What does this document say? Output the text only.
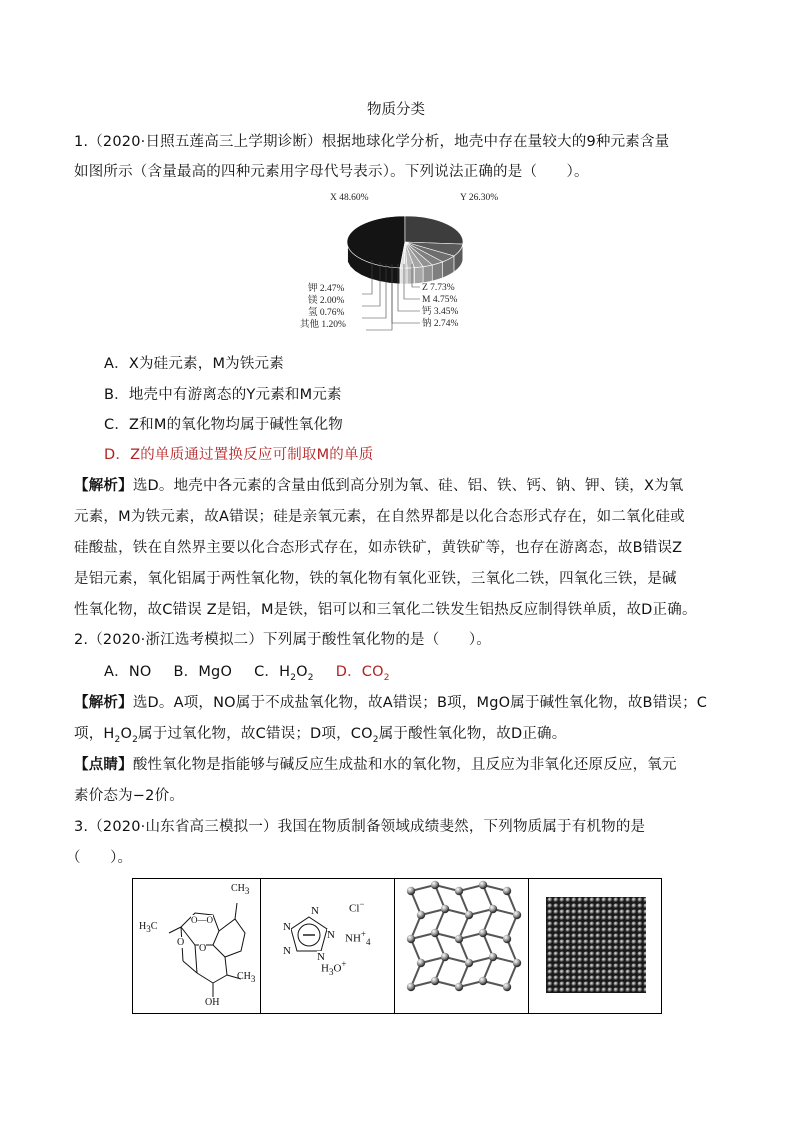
物质分类
1.（2020·日照五莲高三上学期诊断）根据地球化学分析，地壳中存在量较大的9种元素含量
如图所示（含量最高的四种元素用字母代号表示）。下列说法正确的是（　　）。
X 48.60%	Y 26.30%
Z 7.73%
M 4.75%
钙 3.45%
钠 2.74%
钾 2.47%
镁 2.00%
氢 0.76%
其他 1.20%
A．X为硅元素，M为铁元素
B．地壳中有游离态的Y元素和M元素
C．Z和M的氧化物均属于碱性氧化物
D．Z的单质通过置换反应可制取M的单质
【解析】选D。地壳中各元素的含量由低到高分别为氧、硅、铝、铁、钙、钠、钾、镁，X为氧
元素，M为铁元素，故A错误；硅是亲氧元素，在自然界都是以化合态形式存在，如二氧化硅或
硅酸盐，铁在自然界主要以化合态形式存在，如赤铁矿，黄铁矿等，也存在游离态，故B错误Z
是铝元素，氧化铝属于两性氧化物，铁的氧化物有氧化亚铁，三氧化二铁，四氧化三铁，是碱
性氧化物，故C错误 Z是铝，M是铁，铝可以和三氧化二铁发生铝热反应制得铁单质，故D正确。
2.（2020·浙江选考模拟二）下列属于酸性氧化物的是（　　）。
A．NO B．MgO C．$H_2O_2$ D．$CO_2$
【解析】选D。A项，NO属于不成盐氧化物，故A错误；B项，MgO属于碱性氧化物，故B错误；C
项，$H_2O_2$属于过氧化物，故C错误；D项，$CO_2$属于酸性氧化物，故D正确。
【点睛】酸性氧化物是指能够与碱反应生成盐和水的氧化物，且反应为非氧化还原反应，氧元
素价态为−2价。
3.（2020·山东省高三模拟一）我国在物质制备领域成绩斐然，下列物质属于有机物的是
（　　）。
$CH_3$
$H_3C$
O—O
O
O
$CH_3$
OH
N
N
N
N N
Cl−
$NH^+_4$
$H_3O^+$
